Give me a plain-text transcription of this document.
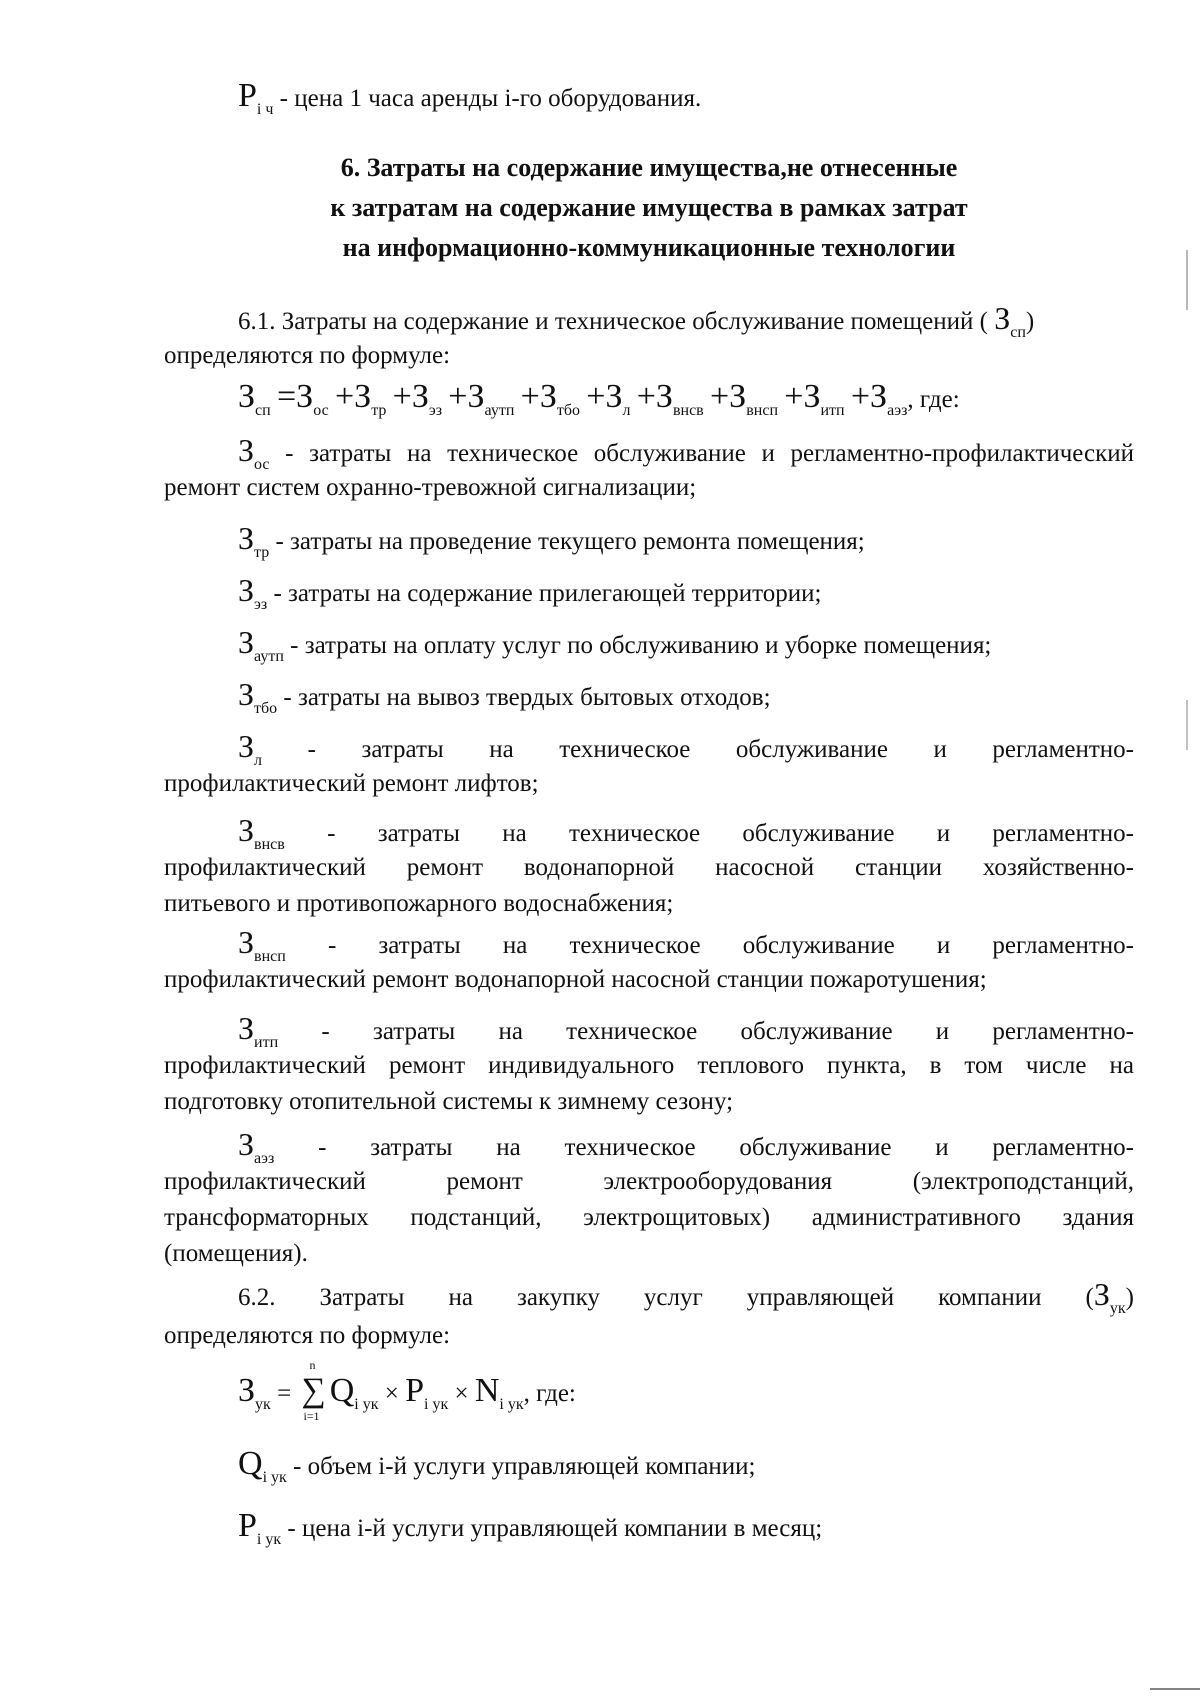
$P_{i ч}$ - цена 1 часа аренды i-го оборудования.
6. Затраты на содержание имущества,не отнесенные
к затратам на содержание имущества в рамках затрат
на информационно-коммуникационные технологии
6.1. Затраты на содержание и техническое обслуживание помещений ( $З_{сп}$)
определяются по формуле:
$З_{сп} =З_{ос} +З_{тр} +З_{эз} +З_{аутп} +З_{тбо} +З_л +З_{внсв} +З_{внсп} +З_{итп} +З_{аэз}$, где:
$З_{ос}$ - затраты на техническое обслуживание и регламентно-профилактический
ремонт систем охранно-тревожной сигнализации;
$З_{тр}$ - затраты на проведение текущего ремонта помещения;
$З_{эз}$ - затраты на содержание прилегающей территории;
$З_{аутп}$ - затраты на оплату услуг по обслуживанию и уборке помещения;
$З_{тбо}$ - затраты на вывоз твердых бытовых отходов;
$З_л$ - затраты на техническое обслуживание и регламентно-
профилактический ремонт лифтов;
$З_{внсв}$ - затраты на техническое обслуживание и регламентно-
профилактический ремонт водонапорной насосной станции хозяйственно-
питьевого и противопожарного водоснабжения;
$З_{внсп}$ - затраты на техническое обслуживание и регламентно-
профилактический ремонт водонапорной насосной станции пожаротушения;
$З_{итп}$ - затраты на техническое обслуживание и регламентно-
профилактический ремонт индивидуального теплового пункта, в том числе на
подготовку отопительной системы к зимнему сезону;
$З_{аэз}$ - затраты на техническое обслуживание и регламентно-
профилактический ремонт электрооборудования (электроподстанций,
трансформаторных подстанций, электрощитовых) административного здания
(помещения).
6.2. Затраты на закупку услуг управляющей компании $(З_{ук})$
определяются по формуле:
$З_{ук}$ = ∑
n
i=1
$Q_{i ук} \times P_{i ук} \times N_{i ук}$, где:
$Q_{i ук}$ - объем i-й услуги управляющей компании;
$P_{i ук}$ - цена i-й услуги управляющей компании в месяц;
